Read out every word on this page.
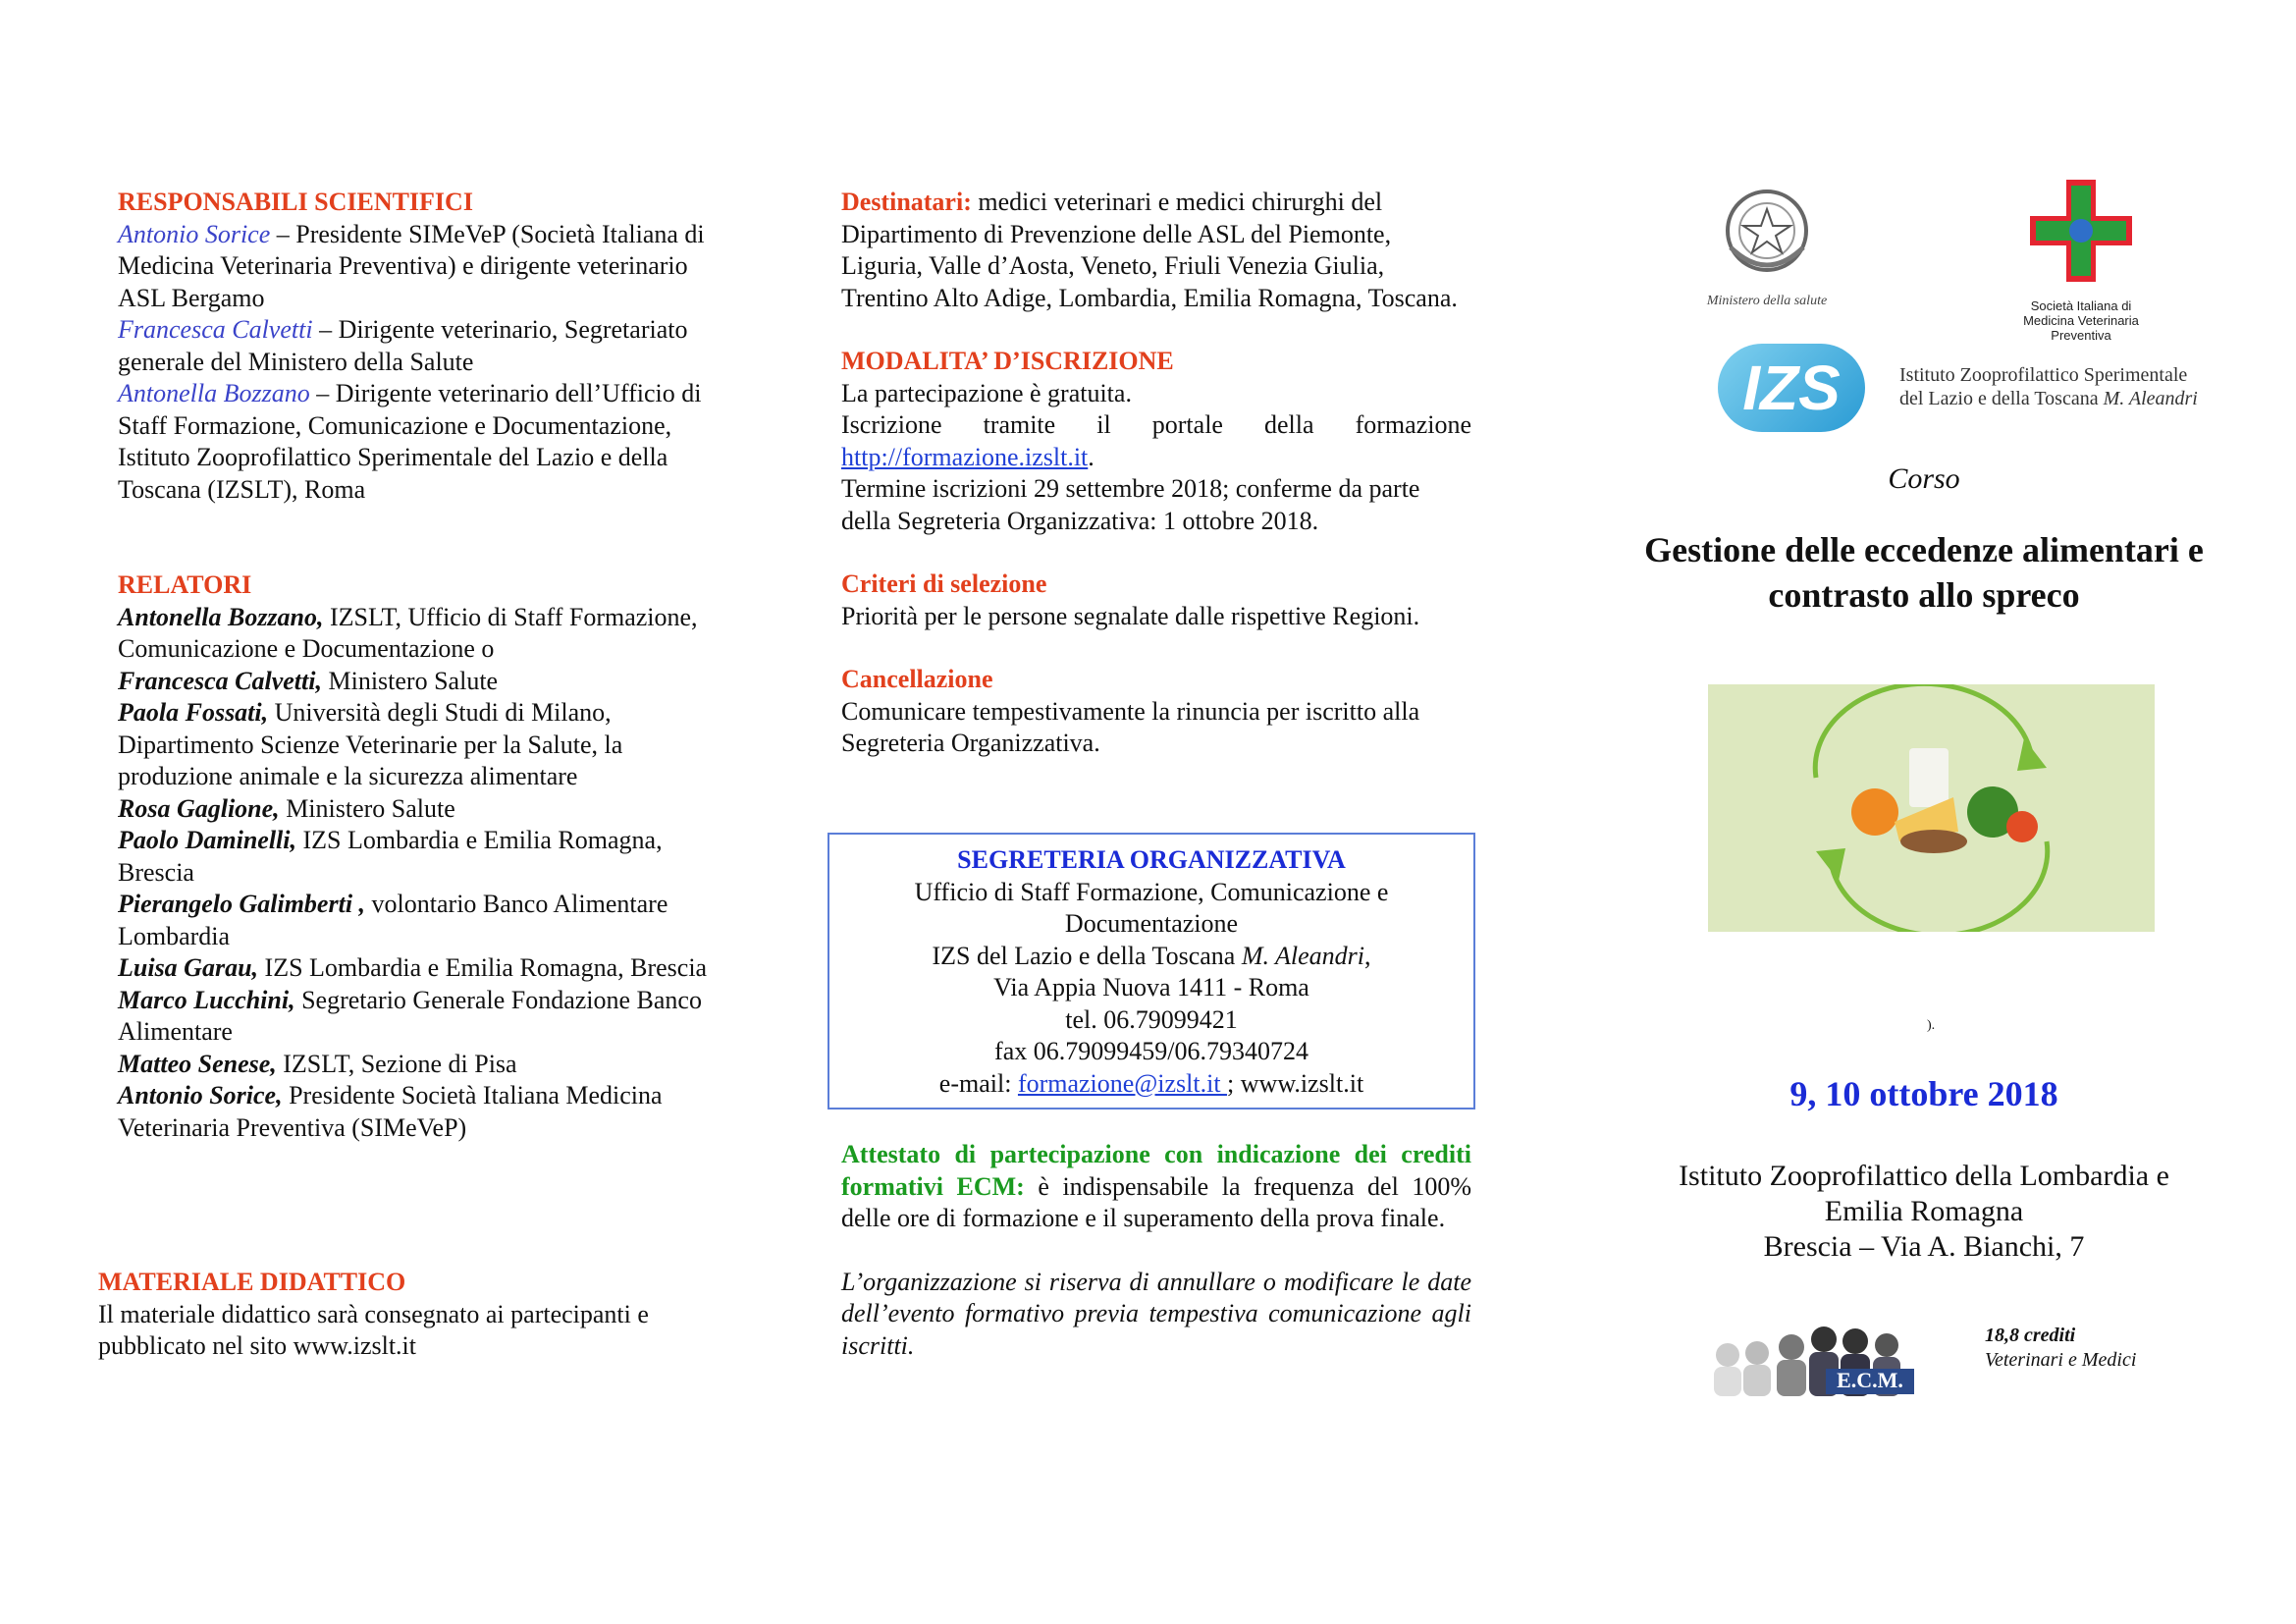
RESPONSABILI SCIENTIFICI

Antonio Sorice – Presidente SIMeVeP (Società Italiana di Medicina Veterinaria Preventiva) e dirigente veterinario ASL Bergamo

Francesca Calvetti – Dirigente veterinario, Segretariato generale del Ministero della Salute

Antonella Bozzano – Dirigente veterinario dell’Ufficio di Staff Formazione, Comunicazione e Documentazione, Istituto Zooprofilattico Sperimentale del Lazio e della Toscana (IZSLT), Roma

RELATORI

Antonella Bozzano, IZSLT, Ufficio di Staff Formazione, Comunicazione e Documentazione o

Francesca Calvetti, Ministero Salute

Paola Fossati, Università degli Studi di Milano, Dipartimento Scienze Veterinarie per la Salute, la produzione animale e la sicurezza alimentare

Rosa Gaglione, Ministero Salute

Paolo Daminelli, IZS Lombardia e Emilia Romagna, Brescia

Pierangelo Galimberti , volontario Banco Alimentare Lombardia

Luisa Garau, IZS Lombardia e Emilia Romagna, Brescia

Marco Lucchini, Segretario Generale Fondazione Banco Alimentare

Matteo Senese, IZSLT, Sezione di Pisa

Antonio Sorice, Presidente Società Italiana Medicina Veterinaria Preventiva (SIMeVeP)

MATERIALE DIDATTICO

Il materiale didattico sarà consegnato ai partecipanti e pubblicato nel sito www.izslt.it

Destinatari: medici veterinari e medici chirurghi del Dipartimento di Prevenzione delle ASL del Piemonte, Liguria, Valle d’Aosta, Veneto, Friuli Venezia Giulia, Trentino Alto Adige, Lombardia, Emilia Romagna, Toscana.

MODALITA’ D’ISCRIZIONE

La partecipazione è gratuita.

Iscrizione tramite il portale della formazione

http://formazione.izslt.it.

Termine iscrizioni 29 settembre 2018; conferme da parte della Segreteria Organizzativa: 1 ottobre 2018.

Criteri di selezione

Priorità per le persone segnalate dalle rispettive Regioni.

Cancellazione

Comunicare tempestivamente la rinuncia per iscritto alla Segreteria Organizzativa.

SEGRETERIA ORGANIZZATIVA
Ufficio di Staff Formazione, Comunicazione e Documentazione
IZS del Lazio e della Toscana M. Aleandri,
Via Appia Nuova 1411 - Roma
tel. 06.79099421
fax 06.79099459/06.79340724
e-mail: formazione@izslt.it ; www.izslt.it

Attestato di partecipazione con indicazione dei crediti formativi ECM: è indispensabile la frequenza del 100% delle ore di formazione e il superamento della prova finale.

L’organizzazione si riserva di annullare o modificare le date dell’evento formativo previa tempestiva comunicazione agli iscritti.

Ministero della salute	Società Italiana di
Medicina Veterinaria
Preventiva
IZS	Istituto Zooprofilattico Sperimentale
del Lazio e della Toscana M. Aleandri
Corso
Gestione delle eccedenze alimentari e contrasto allo spreco
).
9, 10 ottobre 2018
Istituto Zooprofilattico della Lombardia e
Emilia Romagna
Brescia – Via A. Bianchi, 7
E.C.M.
18,8 crediti
Veterinari e Medici
